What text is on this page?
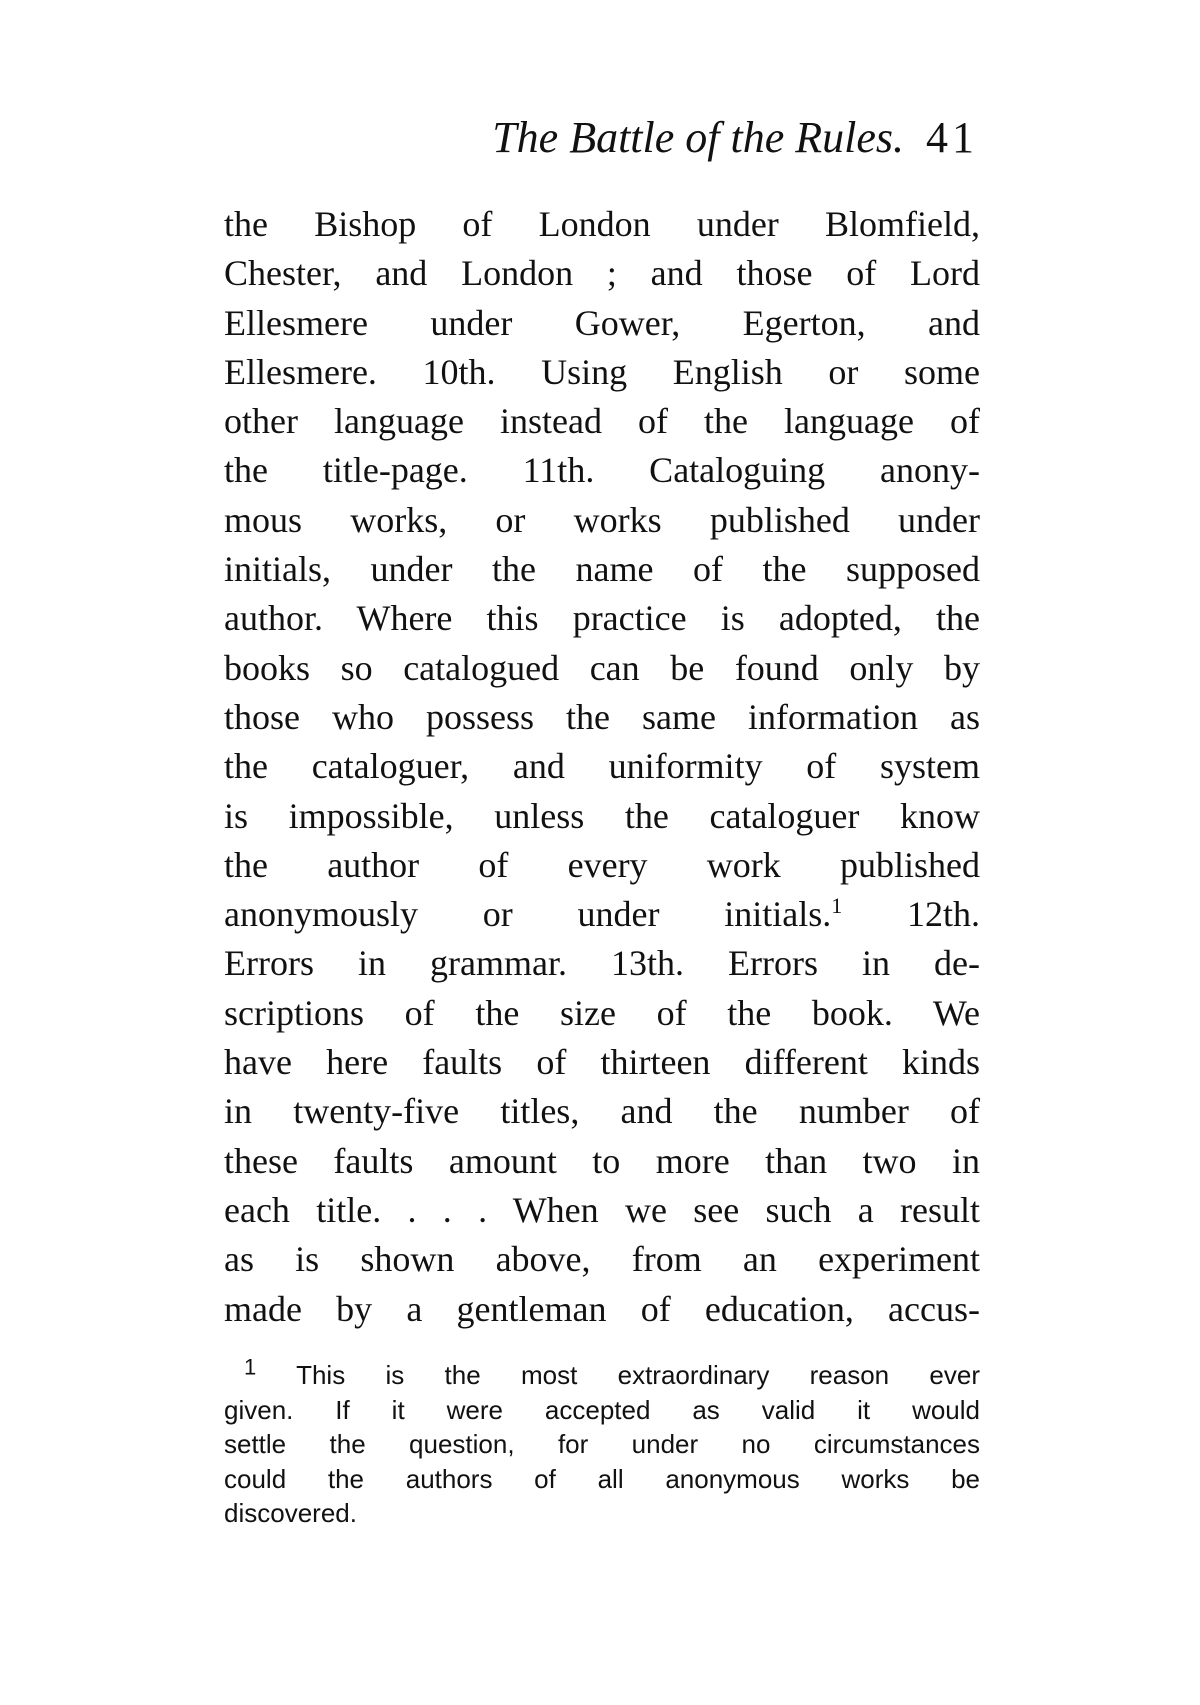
The Battle of the Rules. 41
the Bishop of London under Blomfield,
Chester, and London ; and those of Lord
Ellesmere under Gower, Egerton, and
Ellesmere. 10th. Using English or some
other language instead of the language of
the title-page. 11th. Cataloguing anony-
mous works, or works published under
initials, under the name of the supposed
author. Where this practice is adopted, the
books so catalogued can be found only by
those who possess the same information as
the cataloguer, and uniformity of system
is impossible, unless the cataloguer know
the author of every work published
anonymously or under initials.$^1$ 12th.
Errors in grammar. 13th. Errors in de-
scriptions of the size of the book. We
have here faults of thirteen different kinds
in twenty-five titles, and the number of
these faults amount to more than two in
each title. . . . When we see such a result
as is shown above, from an experiment
made by a gentleman of education, accus-
$^1$ This is the most extraordinary reason ever
given. If it were accepted as valid it would
settle the question, for under no circumstances
could the authors of all anonymous works be
discovered.
